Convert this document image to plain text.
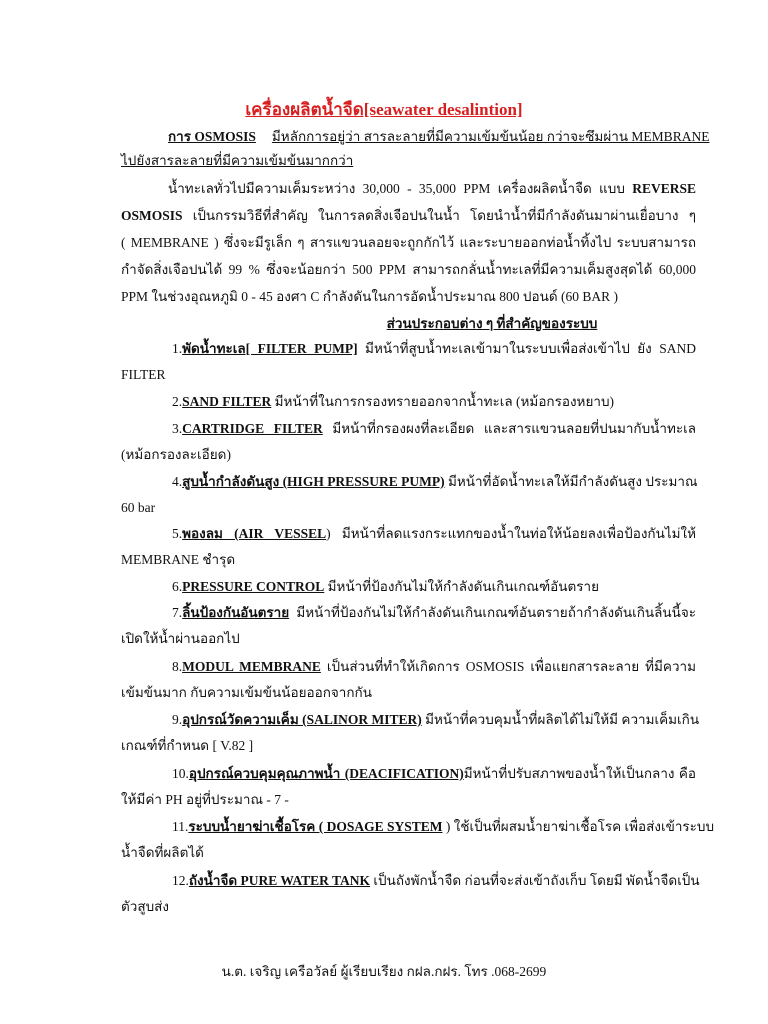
เครื่องผลิตน้ำจืด[seawater desalintion]
การ OSMOSIS มีหลักการอยู่ว่า สารละลายที่มีความเข้มข้นน้อย กว่าจะซึมผ่าน MEMBRANE
ไปยังสารละลายที่มีความเข้มข้นมากกว่า
น้ำทะเลทั่วไปมีความเค็มระหว่าง 30,000 - 35,000 PPM เครื่องผลิตน้ำจืด แบบ REVERSE
OSMOSIS เป็นกรรมวิธีที่สำคัญ ในการลดสิ่งเจือปนในน้ำ โดยนำน้ำที่มีกำลังดันมาผ่านเยื่อบาง ๆ
( MEMBRANE ) ซึ่งจะมีรูเล็ก ๆ สารแขวนลอยจะถูกกักไว้ และระบายออกท่อน้ำทิ้งไป ระบบสามารถ
กำจัดสิ่งเจือปนได้ 99 % ซึ่งจะน้อยกว่า 500 PPM สามารถกลั่นน้ำทะเลที่มีความเค็มสูงสุดได้ 60,000
PPM ในช่วงอุณหภูมิ 0 - 45 องศา C กำลังดันในการอัดน้ำประมาณ 800 ปอนด์ (60 BAR )
ส่วนประกอบต่าง ๆ ที่สำคัญของระบบ
1.พัดน้ำทะเล[ FILTER PUMP] มีหน้าที่สูบน้ำทะเลเข้ามาในระบบเพื่อส่งเข้าไป ยัง SAND
FILTER
2.SAND FILTER มีหน้าที่ในการกรองทรายออกจากน้ำทะเล (หม้อกรองหยาบ)
3.CARTRIDGE FILTER มีหน้าที่กรองผงที่ละเอียด และสารแขวนลอยที่ปนมากับน้ำทะเล
(หม้อกรองละเอียด)
4.สูบน้ำกำลังดันสูง (HIGH PRESSURE PUMP) มีหน้าที่อัดน้ำทะเลให้มีกำลังดันสูง ประมาณ
60 bar
5.พองลม (AIR VESSEL) มีหน้าที่ลดแรงกระแทกของน้ำในท่อให้น้อยลงเพื่อป้องกันไม่ให้
MEMBRANE ชำรุด
6.PRESSURE CONTROL มีหน้าที่ป้องกันไม่ให้กำลังดันเกินเกณฑ์อันตราย
7.ลิ้นป้องกันอันตราย มีหน้าที่ป้องกันไม่ให้กำลังดันเกินเกณฑ์อันตรายถ้ากำลังดันเกินลิ้นนี้จะ
เปิดให้น้ำผ่านออกไป
8.MODUL MEMBRANE เป็นส่วนที่ทำให้เกิดการ OSMOSIS เพื่อแยกสารละลาย ที่มีความ
เข้มข้นมาก กับความเข้มข้นน้อยออกจากกัน
9.อุปกรณ์วัดความเค็ม (SALINOR MITER) มีหน้าที่ควบคุมน้ำที่ผลิตได้ไม่ให้มี ความเค็มเกิน
เกณฑ์ที่กำหนด [ V.82 ]
10.อุปกรณ์ควบคุมคุณภาพน้ำ (DEACIFICATION)มีหน้าที่ปรับสภาพของน้ำให้เป็นกลาง คือ
ให้มีค่า PH อยู่ที่ประมาณ - 7 -
11.ระบบน้ำยาฆ่าเชื้อโรค ( DOSAGE SYSTEM ) ใช้เป็นที่ผสมน้ำยาฆ่าเชื้อโรค เพื่อส่งเข้าระบบ
น้ำจืดที่ผลิตได้
12.ถังน้ำจืด PURE WATER TANK เป็นถังพักน้ำจืด ก่อนที่จะส่งเข้าถังเก็บ โดยมี พัดน้ำจืดเป็น
ตัวสูบส่ง
น.ต. เจริญ เครือวัลย์ ผู้เรียบเรียง กฝล.กฝร. โทร .068-2699
